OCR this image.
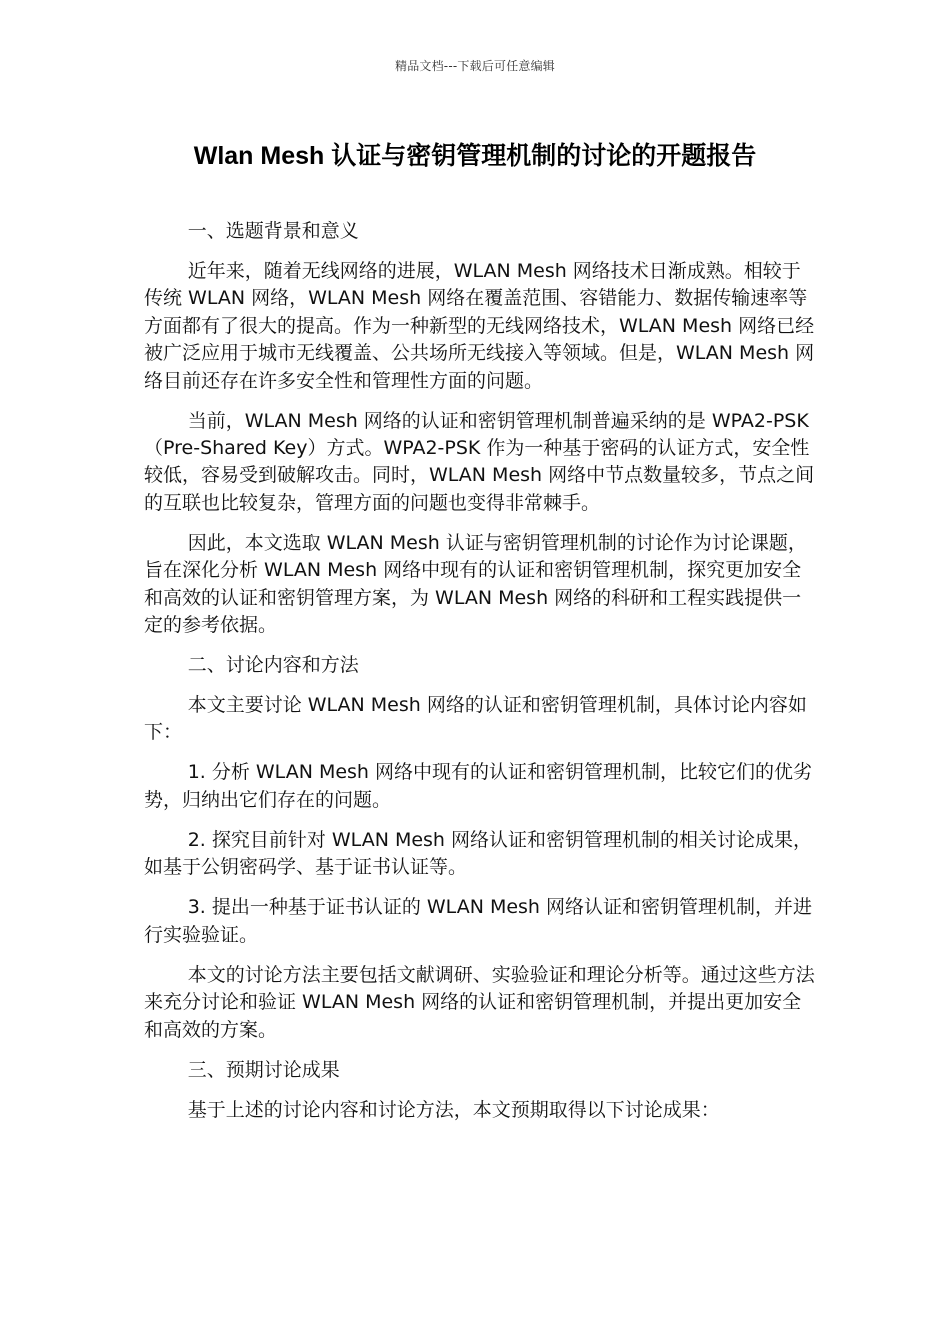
精品文档---下载后可任意编辑
Wlan Mesh 认证与密钥管理机制的讨论的开题报告

一、选题背景和意义

近年来，随着无线网络的进展，WLAN Mesh 网络技术日渐成熟。相较于传统 WLAN 网络，WLAN Mesh 网络在覆盖范围、容错能力、数据传输速率等方面都有了很大的提高。作为一种新型的无线网络技术，WLAN Mesh 网络已经被广泛应用于城市无线覆盖、公共场所无线接入等领域。但是，WLAN Mesh 网络目前还存在许多安全性和管理性方面的问题。

当前，WLAN Mesh 网络的认证和密钥管理机制普遍采纳的是 WPA2-PSK（Pre-Shared Key）方式。WPA2-PSK 作为一种基于密码的认证方式，安全性较低，容易受到破解攻击。同时，WLAN Mesh 网络中节点数量较多，节点之间的互联也比较复杂，管理方面的问题也变得非常棘手。

因此，本文选取 WLAN Mesh 认证与密钥管理机制的讨论作为讨论课题，旨在深化分析 WLAN Mesh 网络中现有的认证和密钥管理机制，探究更加安全和高效的认证和密钥管理方案，为 WLAN Mesh 网络的科研和工程实践提供一定的参考依据。

二、讨论内容和方法

本文主要讨论 WLAN Mesh 网络的认证和密钥管理机制，具体讨论内容如下：

1. 分析 WLAN Mesh 网络中现有的认证和密钥管理机制，比较它们的优劣势，归纳出它们存在的问题。

2. 探究目前针对 WLAN Mesh 网络认证和密钥管理机制的相关讨论成果，如基于公钥密码学、基于证书认证等。

3. 提出一种基于证书认证的 WLAN Mesh 网络认证和密钥管理机制，并进行实验验证。

本文的讨论方法主要包括文献调研、实验验证和理论分析等。通过这些方法来充分讨论和验证 WLAN Mesh 网络的认证和密钥管理机制，并提出更加安全和高效的方案。

三、预期讨论成果

基于上述的讨论内容和讨论方法，本文预期取得以下讨论成果：
